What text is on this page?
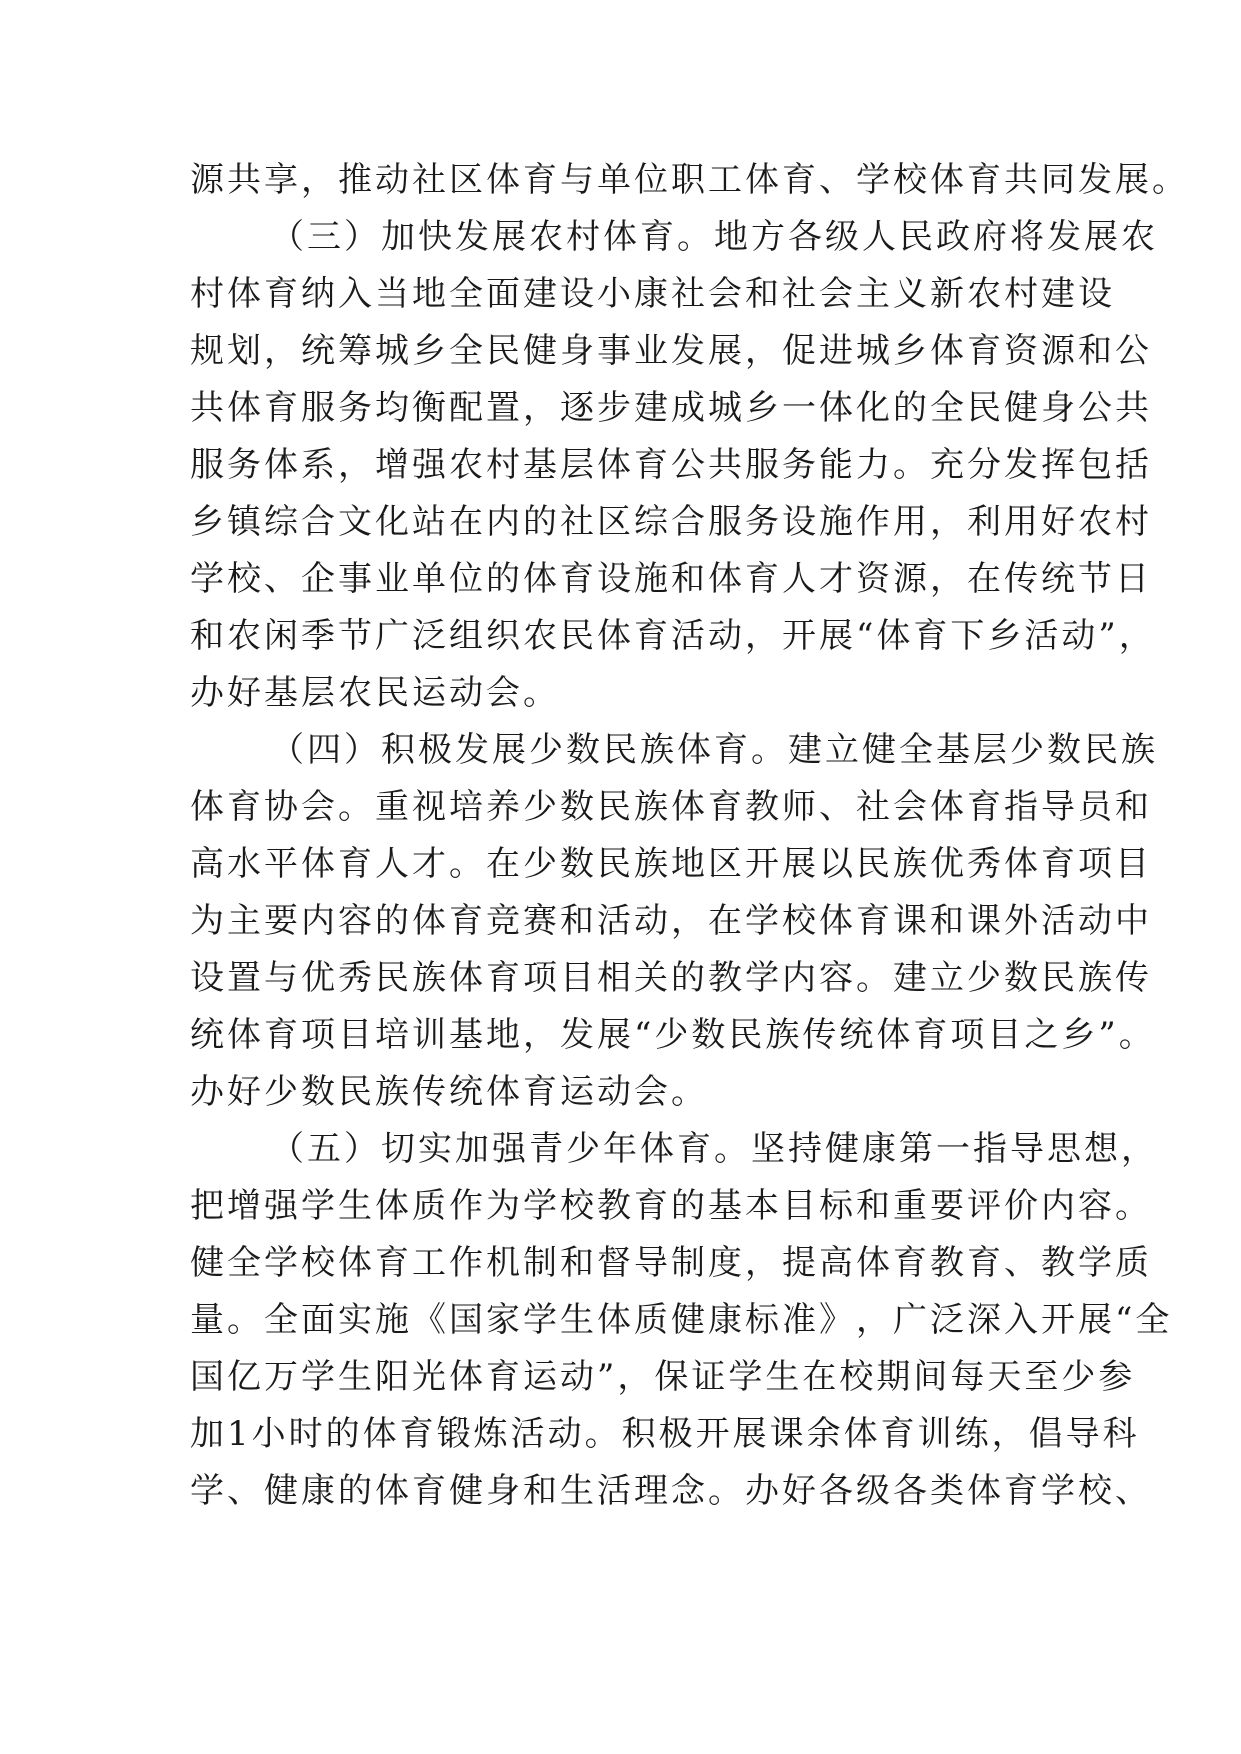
源 共 享 ， 推 动 社 区 体 育 与 单 位 职 工 体 育 、 学 校 体 育 共 同 发 展 。
（ 三 ） 加 快 发 展 农 村 体 育 。 地 方 各 级 人 民 政 府 将 发 展 农
村 体 育 纳 入 当 地 全 面 建 设 小 康 社 会 和 社 会 主 义 新 农 村 建 设
规 划 ， 统 筹 城 乡 全 民 健 身 事 业 发 展 ， 促 进 城 乡 体 育 资 源 和 公
共 体 育 服 务 均 衡 配 置 ， 逐 步 建 成 城 乡 一 体 化 的 全 民 健 身 公 共
服 务 体 系 ， 增 强 农 村 基 层 体 育 公 共 服 务 能 力 。 充 分 发 挥 包 括
乡 镇 综 合 文 化 站 在 内 的 社 区 综 合 服 务 设 施 作 用 ， 利 用 好 农 村
学 校 、 企 事 业 单 位 的 体 育 设 施 和 体 育 人 才 资 源 ， 在 传 统 节 日
和 农 闲 季 节 广 泛 组 织 农 民 体 育 活 动 ， 开 展 “ 体 育 下 乡 活 动 ” ，
办好基层农民运动会。
（ 四 ） 积 极 发 展 少 数 民 族 体 育 。 建 立 健 全 基 层 少 数 民 族
体 育 协 会 。 重 视 培 养 少 数 民 族 体 育 教 师 、 社 会 体 育 指 导 员 和
高 水 平 体 育 人 才 。 在 少 数 民 族 地 区 开 展 以 民 族 优 秀 体 育 项 目
为 主 要 内 容 的 体 育 竞 赛 和 活 动 ， 在 学 校 体 育 课 和 课 外 活 动 中
设 置 与 优 秀 民 族 体 育 项 目 相 关 的 教 学 内 容 。 建 立 少 数 民 族 传
统 体 育 项 目 培 训 基 地 ， 发 展 “ 少 数 民 族 传 统 体 育 项 目 之 乡 ” 。
办好少数民族传统体育运动会。
（ 五 ） 切 实 加 强 青 少 年 体 育 。 坚 持 健 康 第 一 指 导 思 想 ，
把 增 强 学 生 体 质 作 为 学 校 教 育 的 基 本 目 标 和 重 要 评 价 内 容 。
健 全 学 校 体 育 工 作 机 制 和 督 导 制 度 ， 提 高 体 育 教 育 、 教 学 质
量 。 全 面 实 施 《 国 家 学 生 体 质 健 康 标 准 》 ， 广 泛 深 入 开 展 “ 全
国 亿 万 学 生 阳 光 体 育 运 动 ” ， 保 证 学 生 在 校 期 间 每 天 至 少 参
加 1 小 时 的 体 育 锻 炼 活 动 。 积 极 开 展 课 余 体 育 训 练 ， 倡 导 科
学 、 健 康 的 体 育 健 身 和 生 活 理 念 。 办 好 各 级 各 类 体 育 学 校 、
